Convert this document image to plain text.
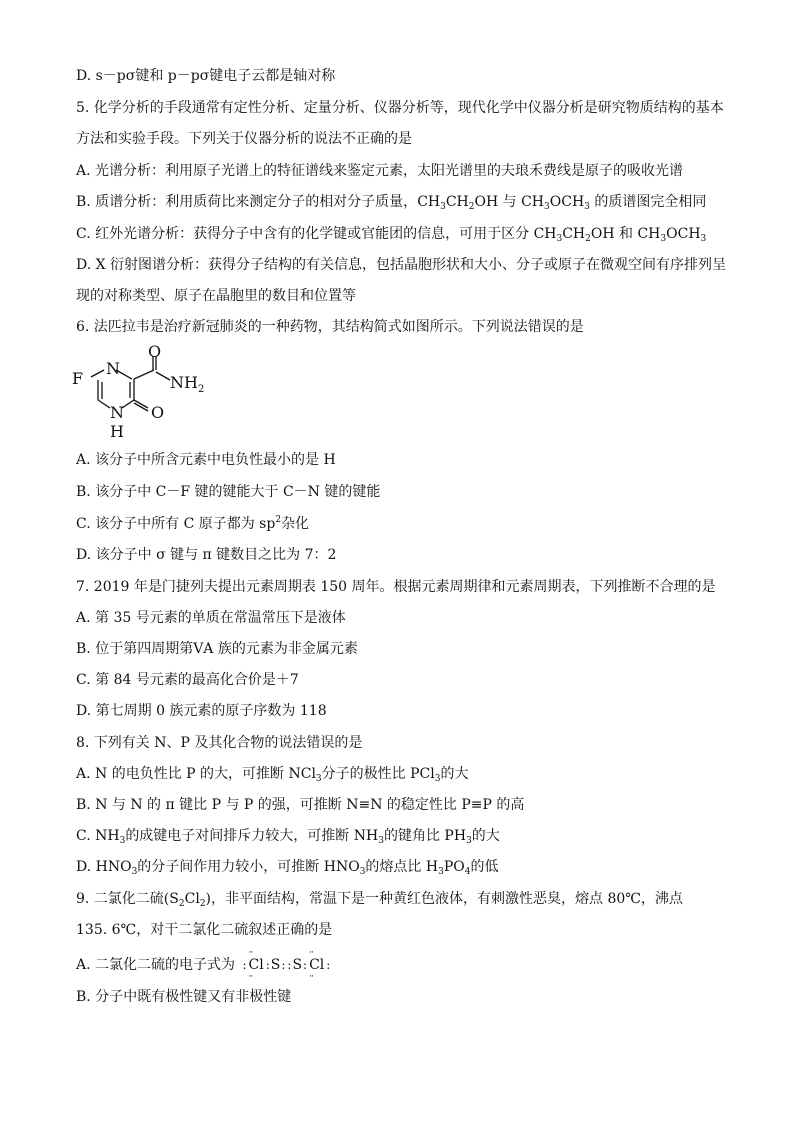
D. s－pσ键和 p－pσ键电子云都是轴对称
5. 化学分析的手段通常有定性分析、定量分析、仪器分析等，现代化学中仪器分析是研究物质结构的基本
方法和实验手段。下列关于仪器分析的说法不正确的是
A. 光谱分析：利用原子光谱上的特征谱线来鉴定元素，太阳光谱里的夫琅禾费线是原子的吸收光谱
B. 质谱分析：利用质荷比来测定分子的相对分子质量，$CH_3CH_2OH$ 与 $CH_3OCH_3$ 的质谱图完全相同
C. 红外光谱分析：获得分子中含有的化学键或官能团的信息，可用于区分 $CH_3CH_2OH$ 和 $CH_3OCH_3$
D. X 衍射图谱分析：获得分子结构的有关信息，包括晶胞形状和大小、分子或原子在微观空间有序排列呈
现的对称类型、原子在晶胞里的数目和位置等
6. 法匹拉韦是治疗新冠肺炎的一种药物，其结构简式如图所示。下列说法错误的是
F
N
O
$NH_2$
N O
H
A. 该分子中所含元素中电负性最小的是 H
B. 该分子中 C－F 键的键能大于 C－N 键的键能
C. 该分子中所有 C 原子都为 $sp^2$杂化
D. 该分子中 σ 键与 π 键数目之比为 7：2
7. 2019 年是门捷列夫提出元素周期表 150 周年。根据元素周期律和元素周期表，下列推断不合理的是
A. 第 35 号元素的单质在常温常压下是液体
B. 位于第四周期第ⅤA 族的元素为非金属元素
C. 第 84 号元素的最高化合价是＋7
D. 第七周期 0 族元素的原子序数为 118
8. 下列有关 N、P 及其化合物的说法错误的是
A. N 的电负性比 P 的大，可推断 NCl$_3$分子的极性比 PCl$_3$的大
B. N 与 N 的 π 键比 P 与 P 的强，可推断 N≡N 的稳定性比 P≡P 的高
C. $NH_3$的成键电子对间排斥力较大，可推断 $NH_3$的键角比 $PH_3$的大
D. $HNO_3$的分子间作用力较小，可推断 $HNO_3$的熔点比 $H_3PO_4$的低
9. 二氯化二硫$(S_2Cl_2)$，非平面结构，常温下是一种黄红色液体，有刺激性恶臭，熔点 80℃，沸点
135. 6℃，对干二氯化二硫叙述正确的是
A. 二氯化二硫的电子式为 : ·· Cl ·· :S: :S: ·· Cl ·· :
B. 分子中既有极性键又有非极性键
